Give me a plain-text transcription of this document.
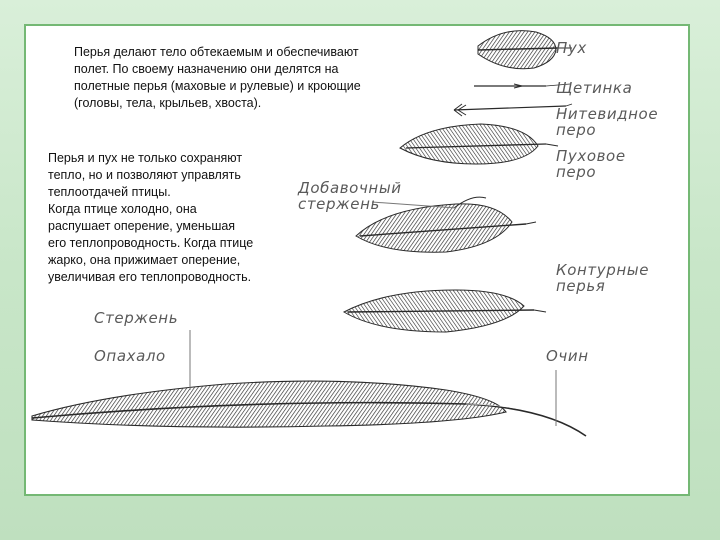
Перья делают тело обтекаемым и обеспечивают полет. По своему назначению они делятся на полетные перья (маховые и рулевые) и кроющие (головы, тела, крыльев, хвоста).
Перья и пух не только сохраняют
тепло, но и позволяют управлять
теплоотдачей птицы.
Когда птице холодно, она
распушает оперение, уменьшая
его теплопроводность. Когда птице
жарко, она прижимает оперение,
увеличивая его теплопроводность.
Пух
Щетинка
Нитевидное
перо
Пуховое
перо
Добавочный
стержень
Контурные
перья
Стержень
Опахало	Очин
